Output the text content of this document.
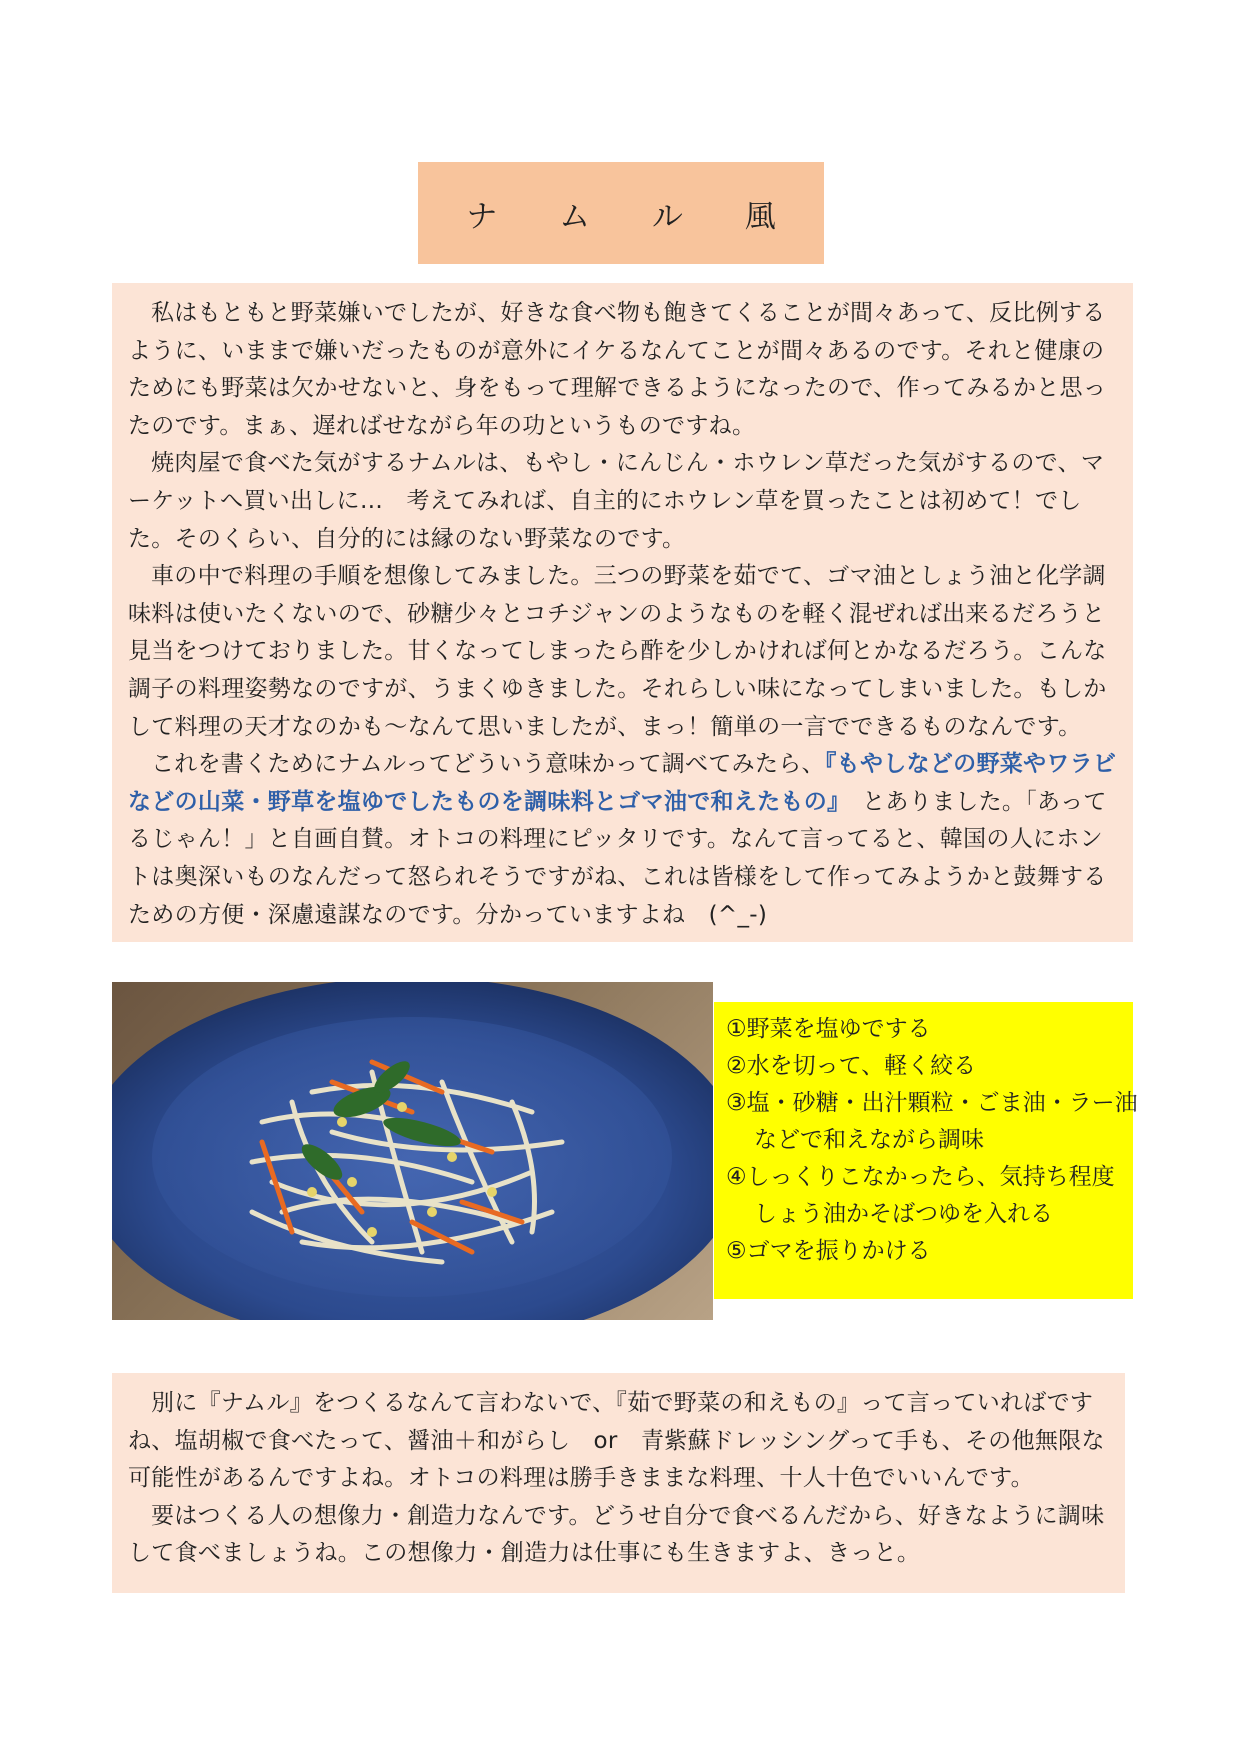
ナ ム ル 風

私はもともと野菜嫌いでしたが、好きな食べ物も飽きてくることが間々あって、反比例するように、いままで嫌いだったものが意外にイケるなんてことが間々あるのです。それと健康のためにも野菜は欠かせないと、身をもって理解できるようになったので、作ってみるかと思ったのです。まぁ、遅ればせながら年の功というものですね。

焼肉屋で食べた気がするナムルは、もやし・にんじん・ホウレン草だった気がするので、マーケットへ買い出しに…　考えてみれば、自主的にホウレン草を買ったことは初めて！でした。そのくらい、自分的には縁のない野菜なのです。

車の中で料理の手順を想像してみました。三つの野菜を茹でて、ゴマ油としょう油と化学調味料は使いたくないので、砂糖少々とコチジャンのようなものを軽く混ぜれば出来るだろうと見当をつけておりました。甘くなってしまったら酢を少しかければ何とかなるだろう。こんな調子の料理姿勢なのですが、うまくゆきました。それらしい味になってしまいました。もしかして料理の天才なのかも～なんて思いましたが、まっ！簡単の一言でできるものなんです。

これを書くためにナムルってどういう意味かって調べてみたら、『もやしなどの野菜やワラビなどの山菜・野草を塩ゆでしたものを調味料とゴマ油で和えたもの』　とありました。「あってるじゃん！」と自画自賛。オトコの料理にピッタリです。なんて言ってると、韓国の人にホントは奥深いものなんだって怒られそうですがね、これは皆様をして作ってみようかと鼓舞するための方便・深慮遠謀なのです。分かっていますよね　(^_-)

①野菜を塩ゆでする
②水を切って、軽く絞る
③塩・砂糖・出汁顆粒・ごま油・ラー油
などで和えながら調味
④しっくりこなかったら、気持ち程度
しょう油かそばつゆを入れる
⑤ゴマを振りかける

別に『ナムル』をつくるなんて言わないで、『茹で野菜の和えもの』って言っていればですね、塩胡椒で食べたって、醤油＋和がらし　or　青紫蘇ドレッシングって手も、その他無限な可能性があるんですよね。オトコの料理は勝手きままな料理、十人十色でいいんです。

要はつくる人の想像力・創造力なんです。どうせ自分で食べるんだから、好きなように調味して食べましょうね。この想像力・創造力は仕事にも生きますよ、きっと。
